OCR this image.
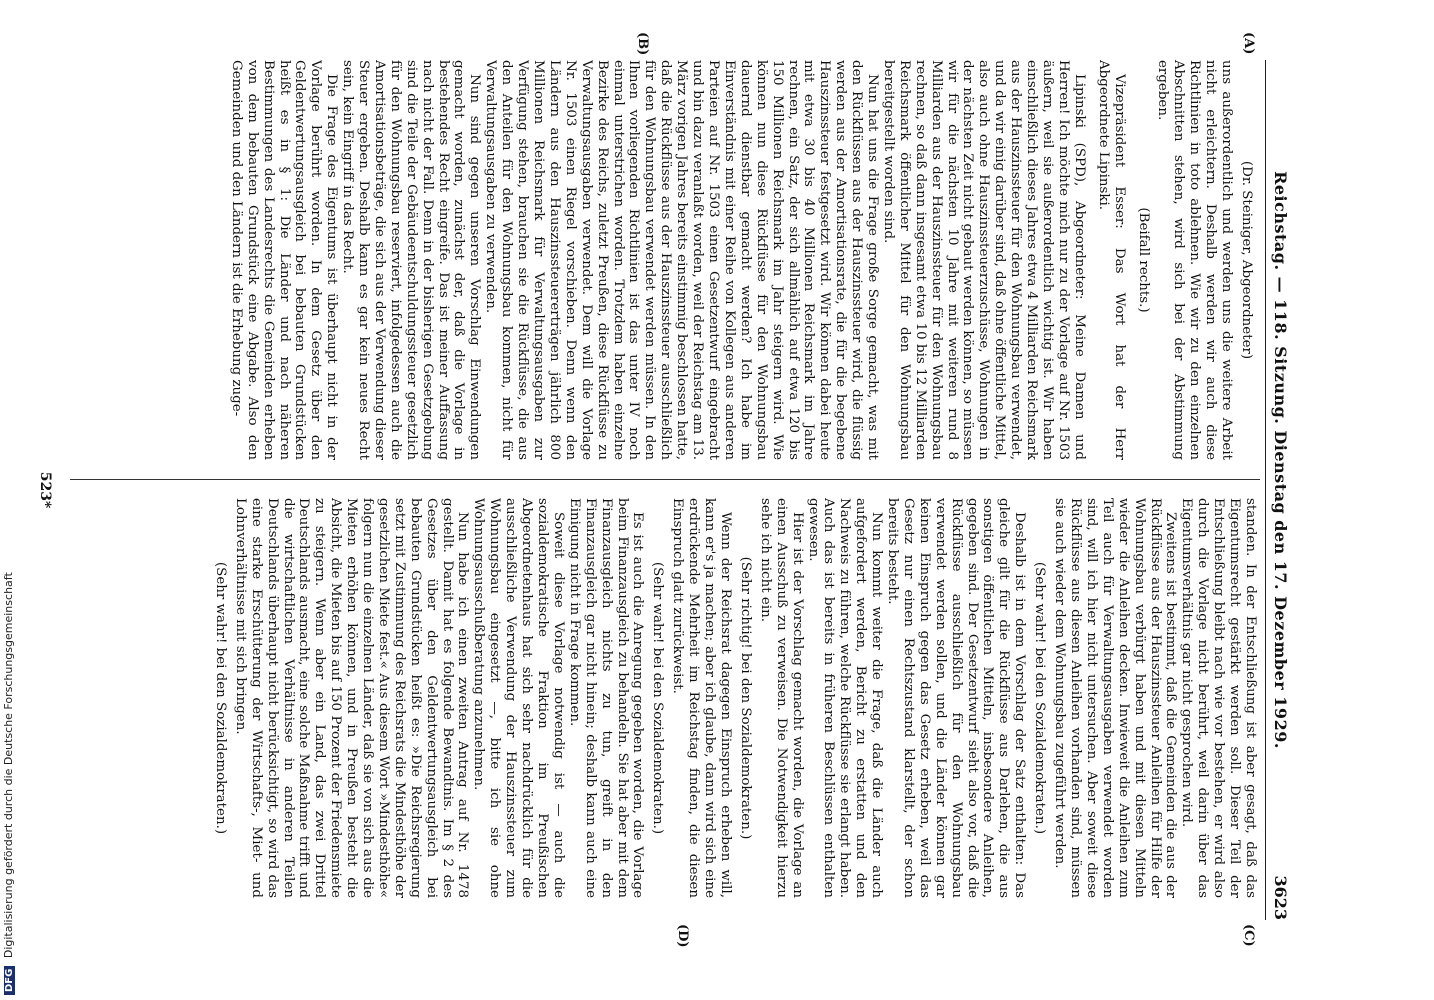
Reichstag. — 118. Sitzung. Dienstag den 17. Dezember 1929.
3623

(Dr. Steiniger, Abgeordneter)

uns außerordentlich und werden uns die weitere Arbeit nicht erleichtern. Deshalb werden wir auch diese Richtlinien in toto ablehnen. Wie wir zu den einzelnen Abschnitten stehen, wird sich bei der Abstimmung ergeben.

(Beifall rechts.)

Vizepräsident Esser: Das Wort hat der Herr Abgeordnete Lipinski.

Lipinski (SPD), Abgeordneter: Meine Damen und Herren! Ich möchte mich nur zu der Vorlage auf Nr. 1503 äußern, weil sie außerordentlich wichtig ist. Wir haben einschließlich dieses Jahres etwa 4 Milliarden Reichsmark aus der Hauszinssteuer für den Wohnungsbau verwendet, und da wir einig darüber sind, daß ohne öffentliche Mittel, also auch ohne Hauszinssteuerzuschüsse, Wohnungen in der nächsten Zeit nicht gebaut werden können, so müssen wir für die nächsten 10 Jahre mit weiteren rund 8 Milliarden aus der Hauszinssteuer für den Wohnungsbau rechnen, so daß dann insgesamt etwa 10 bis 12 Milliarden Reichsmark öffentlicher Mittel für den Wohnungsbau bereitgestellt worden sind.

Nun hat uns die Frage große Sorge gemacht, was mit den Rückflüssen aus der Hauszinssteuer wird, die flüssig werden aus der Amortisationsrate, die für die begebene Hauszinssteuer festgesetzt wird. Wir können dabei heute mit etwa 30 bis 40 Millionen Reichsmark im Jahre rechnen, ein Satz, der sich allmählich auf etwa 120 bis 150 Millionen Reichsmark im Jahr steigern wird. Wie können nun diese Rückflüsse für den Wohnungsbau dauernd dienstbar gemacht werden? Ich habe im Einverständnis mit einer Reihe von Kollegen aus anderen Parteien auf Nr. 1503 einen Gesetzentwurf eingebracht und bin dazu veranlaßt worden, weil der Reichstag am 13. März vorigen Jahres bereits einstimmig beschlossen hatte, daß die Rückflüsse aus der Hauszinssteuer ausschließlich für den Wohnungsbau verwendet werden müssen. In den Ihnen vorliegenden Richtlinien ist das unter IV noch einmal unterstrichen worden. Trotzdem haben einzelne Bezirke des Reichs, zuletzt Preußen, diese Rückflüsse zu Verwaltungsausgaben verwendet. Dem will die Vorlage Nr. 1503 einen Riegel vorschieben. Denn wenn den Ländern aus den Hauszinssteuererträgen jährlich 800 Millionen Reichsmark für Verwaltungsausgaben zur Verfügung stehen, brauchen sie die Rückflüsse, die aus den Anteilen für den Wohnungsbau kommen, nicht für Verwaltungsausgaben zu verwenden.

Nun sind gegen unseren Vorschlag Einwendungen gemacht worden, zunächst der, daß die Vorlage in bestehendes Recht eingreife. Das ist meiner Auffassung nach nicht der Fall. Denn in der bisherigen Gesetzgebung sind die Teile der Gebäudeentschuldungssteuer gesetzlich für den Wohnungsbau reserviert, infolgedessen auch die Amortisationsbeträge, die sich aus der Verwendung dieser Steuer ergeben. Deshalb kann es gar kein neues Recht sein, kein Eingriff in das Recht.

Die Frage des Eigentums ist überhaupt nicht in der Vorlage berührt worden. In dem Gesetz über den Geldentwertungsausgleich bei bebauten Grundstücken heißt es in § 1: Die Länder und nach näheren Bestimmungen des Landesrechts die Gemeinden erheben von dem bebauten Grundstück eine Abgabe. Also den Gemeinden und den Ländern ist die Erhebung zuge-

standen. In der Entschließung ist aber gesagt, daß das Eigentumsrecht gestärkt werden soll. Dieser Teil der Entschließung bleibt nach wie vor bestehen, er wird also durch die Vorlage nicht berührt, weil darin über das Eigentumsverhältnis gar nicht gesprochen wird.

Zweitens ist bestimmt, daß die Gemeinden die aus der Rückflüsse aus der Hauszinssteuer Anleihen für Hilfe der Wohnungsbau verbürgt haben und mit diesen Mitteln wieder die Anleihen decken. Inwieweit die Anleihen zum Teil auch für Verwaltungsausgaben verwendet worden sind, will ich hier nicht untersuchen. Aber soweit diese Rückflüsse aus diesen Anleihen vorhanden sind, müssen sie auch wieder dem Wohnungsbau zugeführt werden.

(Sehr wahr! bei den Sozialdemokraten.)

Deshalb ist in dem Vorschlag der Satz enthalten: Das gleiche gilt für die Rückflüsse aus Darlehen, die aus sonstigen öffentlichen Mitteln, insbesondere Anleihen, gegeben sind. Der Gesetzentwurf sieht also vor, daß die Rückflüsse ausschließlich für den Wohnungsbau verwendet werden sollen, und die Länder können gar keinen Einspruch gegen das Gesetz erheben, weil das Gesetz nur einen Rechtszustand klarstellt, der schon bereits besteht.

Nun kommt weiter die Frage, daß die Länder auch aufgefordert werden, Bericht zu erstatten und den Nachweis zu führen, welche Rückflüsse sie erlangt haben. Auch das ist bereits in früheren Beschlüssen enthalten gewesen.

Hier ist der Vorschlag gemacht worden, die Vorlage an einen Ausschuß zu verweisen. Die Notwendigkeit hierzu sehe ich nicht ein.

(Sehr richtig! bei den Sozialdemokraten.)

Wenn der Reichsrat dagegen Einspruch erheben will, kann er's ja machen; aber ich glaube, dann wird sich eine erdrückende Mehrheit im Reichstag finden, die diesen Einspruch glatt zurückweist.

(Sehr wahr! bei den Sozialdemokraten.)

Es ist auch die Anregung gegeben worden, die Vorlage beim Finanzausgleich zu behandeln. Sie hat aber mit dem Finanzausgleich nichts zu tun, greift in den Finanzausgleich gar nicht hinein; deshalb kann auch eine Einigung nicht in Frage kommen.

Soweit diese Vorlage notwendig ist — auch die sozialdemokratische Fraktion im Preußischen Abgeordnetenhaus hat sich sehr nachdrücklich für die ausschließliche Verwendung der Hauszinssteuer zum Wohnungsbau eingesetzt —, bitte ich sie ohne Wohnungsausschußberatung anzunehmen.

Nun habe ich einen zweiten Antrag auf Nr. 1478 gestellt. Damit hat es folgende Bewandtnis. Im § 2 des Gesetzes über den Geldentwertungsausgleich bei bebauten Grundstücken heißt es: »Die Reichsregierung setzt mit Zustimmung des Reichsrats die Mindesthöhe der gesetzlichen Miete fest.« Aus diesem Wort »Mindesthöhe« folgern nun die einzelnen Länder, daß sie von sich aus die Mieten erhöhen können, und in Preußen besteht die Absicht, die Mieten bis auf 150 Prozent der Friedensmiete zu steigern. Wenn aber ein Land, das zwei Drittel Deutschlands ausmacht, eine solche Maßnahme trifft und die wirtschaftlichen Verhältnisse in anderen Teilen Deutschlands überhaupt nicht berücksichtigt, so wird das eine starke Erschütterung der Wirtschafts-, Miet- und Lohnverhältnisse mit sich bringen.

(Sehr wahr! bei den Sozialdemokraten.)

(A)
(B)
(C)
(D)
523*
DFG Digitalisierung gefördert durch die Deutsche Forschungsgemeinschaft
